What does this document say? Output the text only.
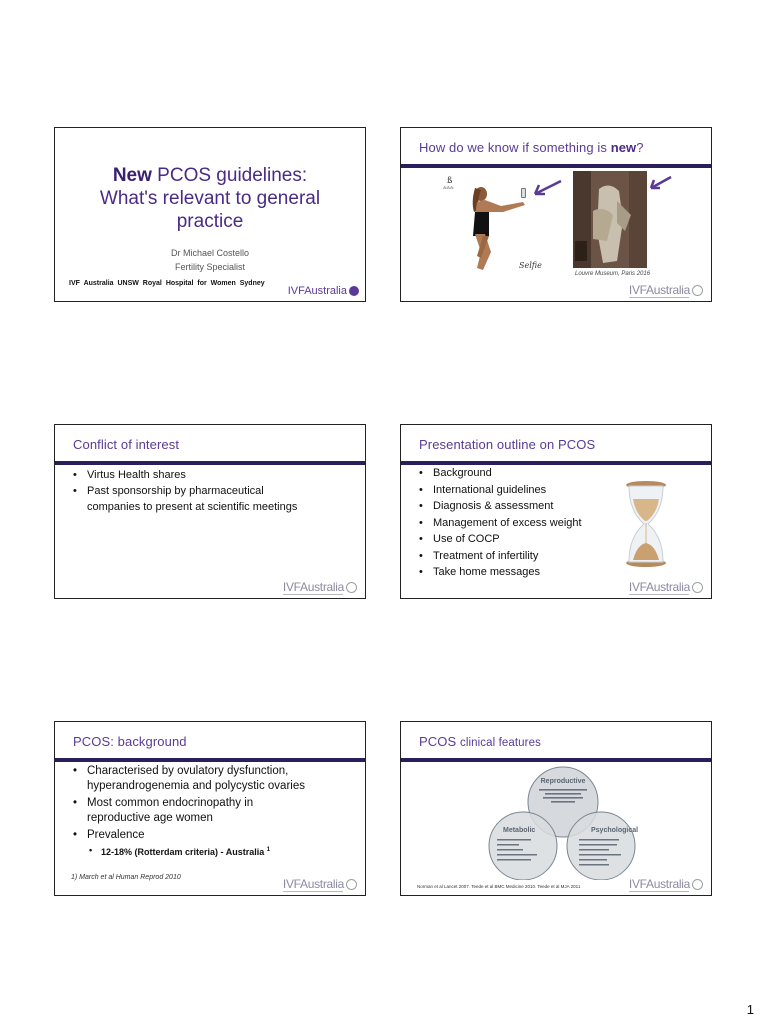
New PCOS guidelines:
What's relevant to general
practice
Dr Michael Costello
Fertility Specialist
IVF Australia UNSW Royal Hospital for Women Sydney
IVFAustralia
How do we know if something is new?
ß
⁂⁂⁂
Selfie
Louvre Museum, Paris 2016
IVFAustralia
Conflict of interest
• Virtus Health shares
• Past sponsorship by pharmaceutical
companies to present at scientific meetings
IVFAustralia
Presentation outline on PCOS
• Background
• International guidelines
• Diagnosis & assessment
• Management of excess weight
• Use of COCP
• Treatment of infertility
• Take home messages
IVFAustralia
PCOS: background
• Characterised by ovulatory dysfunction,
hyperandrogenemia and polycystic ovaries
• Most common endocrinopathy in
reproductive age women
• Prevalence
• 12-18% (Rotterdam criteria) - Australia $^1$
1) March et al Human Reprod 2010	IVFAustralia
PCOS clinical features
Reproductive
Metabolic	Psychological
Norman et al Lancet 2007. Teede et al BMC Medicine 2010. Teede et al MJA 2011	IVFAustralia
1
